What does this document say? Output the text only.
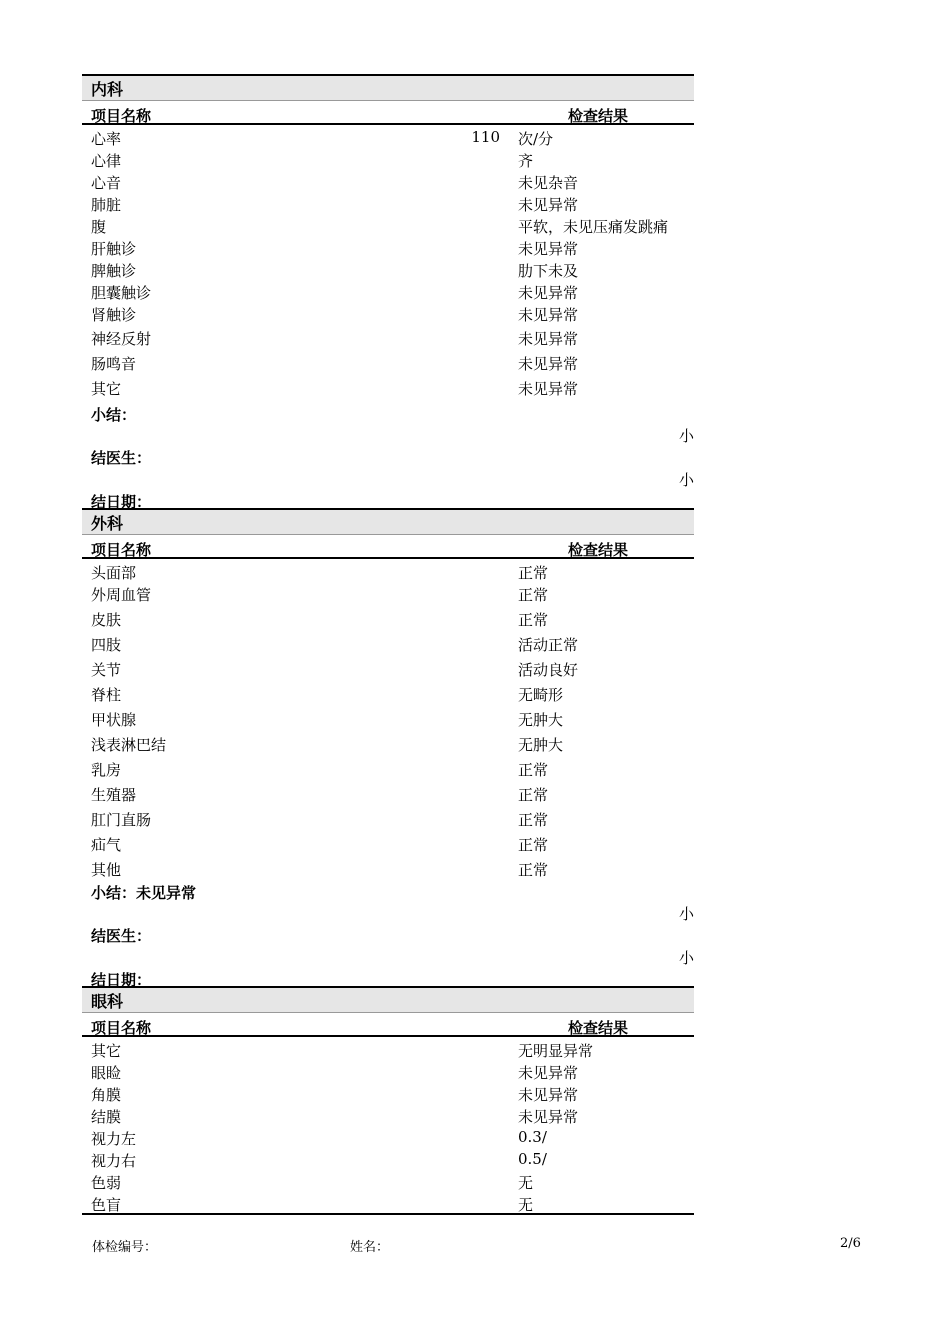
内科
项目名称	检查结果
心率	110 次/分
心律	齐
心音	未见杂音
肺脏	未见异常
腹	平软，未见压痛发跳痛
肝触诊	未见异常
脾触诊	肋下未及
胆囊触诊	未见异常
肾触诊	未见异常
神经反射	未见异常
肠鸣音	未见异常
其它	未见异常
小结：
小
结医生：
小
结日期：
外科
项目名称	检查结果
头面部	正常
外周血管	正常
皮肤	正常
四肢	活动正常
关节	活动良好
脊柱	无畸形
甲状腺	无肿大
浅表淋巴结	无肿大
乳房	正常
生殖器	正常
肛门直肠	正常
疝气	正常
其他	正常
小结：未见异常
小
结医生：
小
结日期：
眼科
项目名称	检查结果
其它	无明显异常
眼睑	未见异常
角膜	未见异常
结膜	未见异常
视力左	0.3/
视力右	0.5/
色弱	无
色盲	无
体检编号：	姓名：	2/6
